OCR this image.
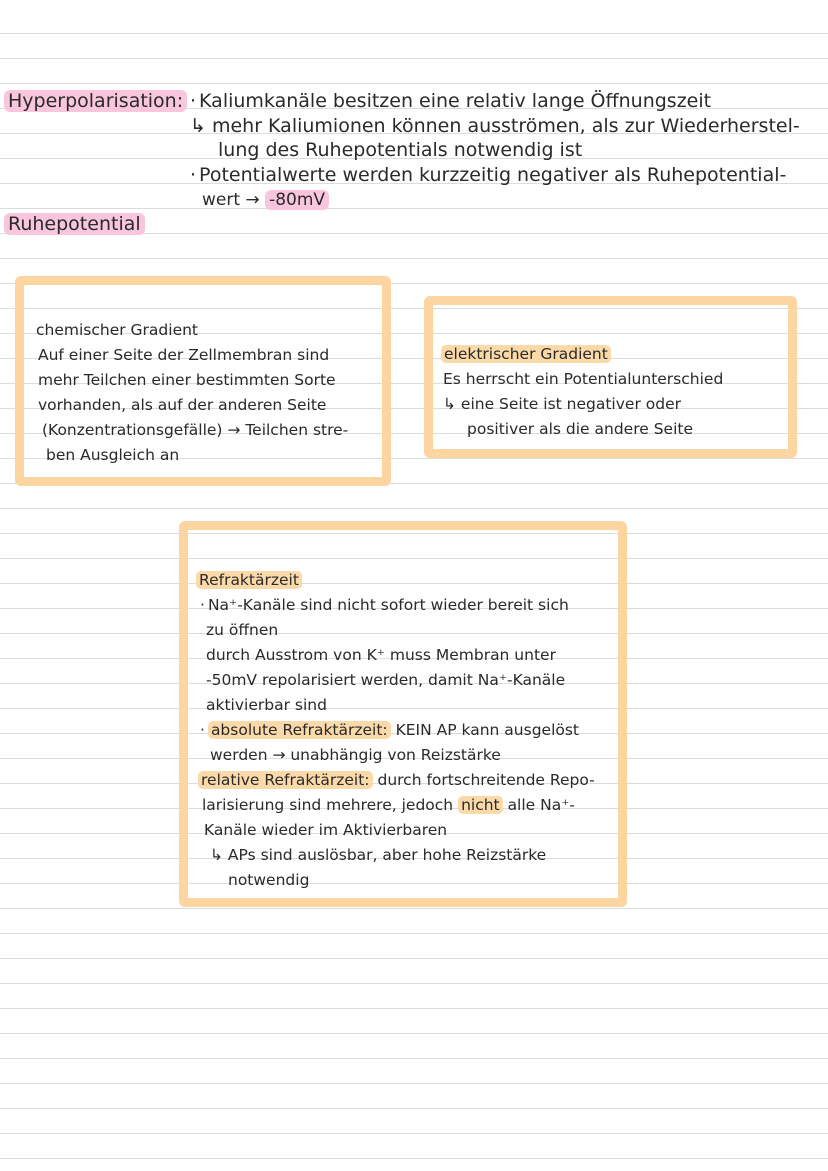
Hyperpolarisation:
· Kaliumkanäle besitzen eine relativ lange Öffnungszeit
↳ mehr Kaliumionen können ausströmen, als zur Wiederherstel-
lung des Ruhepotentials notwendig ist
· Potentialwerte werden kurzzeitig negativer als Ruhepotential-
wert → -80mV
Ruhepotential
chemischer Gradient
Auf einer Seite der Zellmembran sind
mehr Teilchen einer bestimmten Sorte
vorhanden, als auf der anderen Seite
(Konzentrationsgefälle) → Teilchen stre-
ben Ausgleich an
elektrischer Gradient
Es herrscht ein Potentialunterschied
↳ eine Seite ist negativer oder
positiver als die andere Seite
Refraktärzeit
· Na⁺-Kanäle sind nicht sofort wieder bereit sich
zu öffnen
durch Ausstrom von K⁺ muss Membran unter
-50mV repolarisiert werden, damit Na⁺-Kanäle
aktivierbar sind
· absolute Refraktärzeit: KEIN AP kann ausgelöst
werden → unabhängig von Reizstärke
relative Refraktärzeit: durch fortschreitende Repo-
larisierung sind mehrere, jedoch nicht alle Na⁺-
Kanäle wieder im Aktivierbaren
↳ APs sind auslösbar, aber hohe Reizstärke
notwendig
